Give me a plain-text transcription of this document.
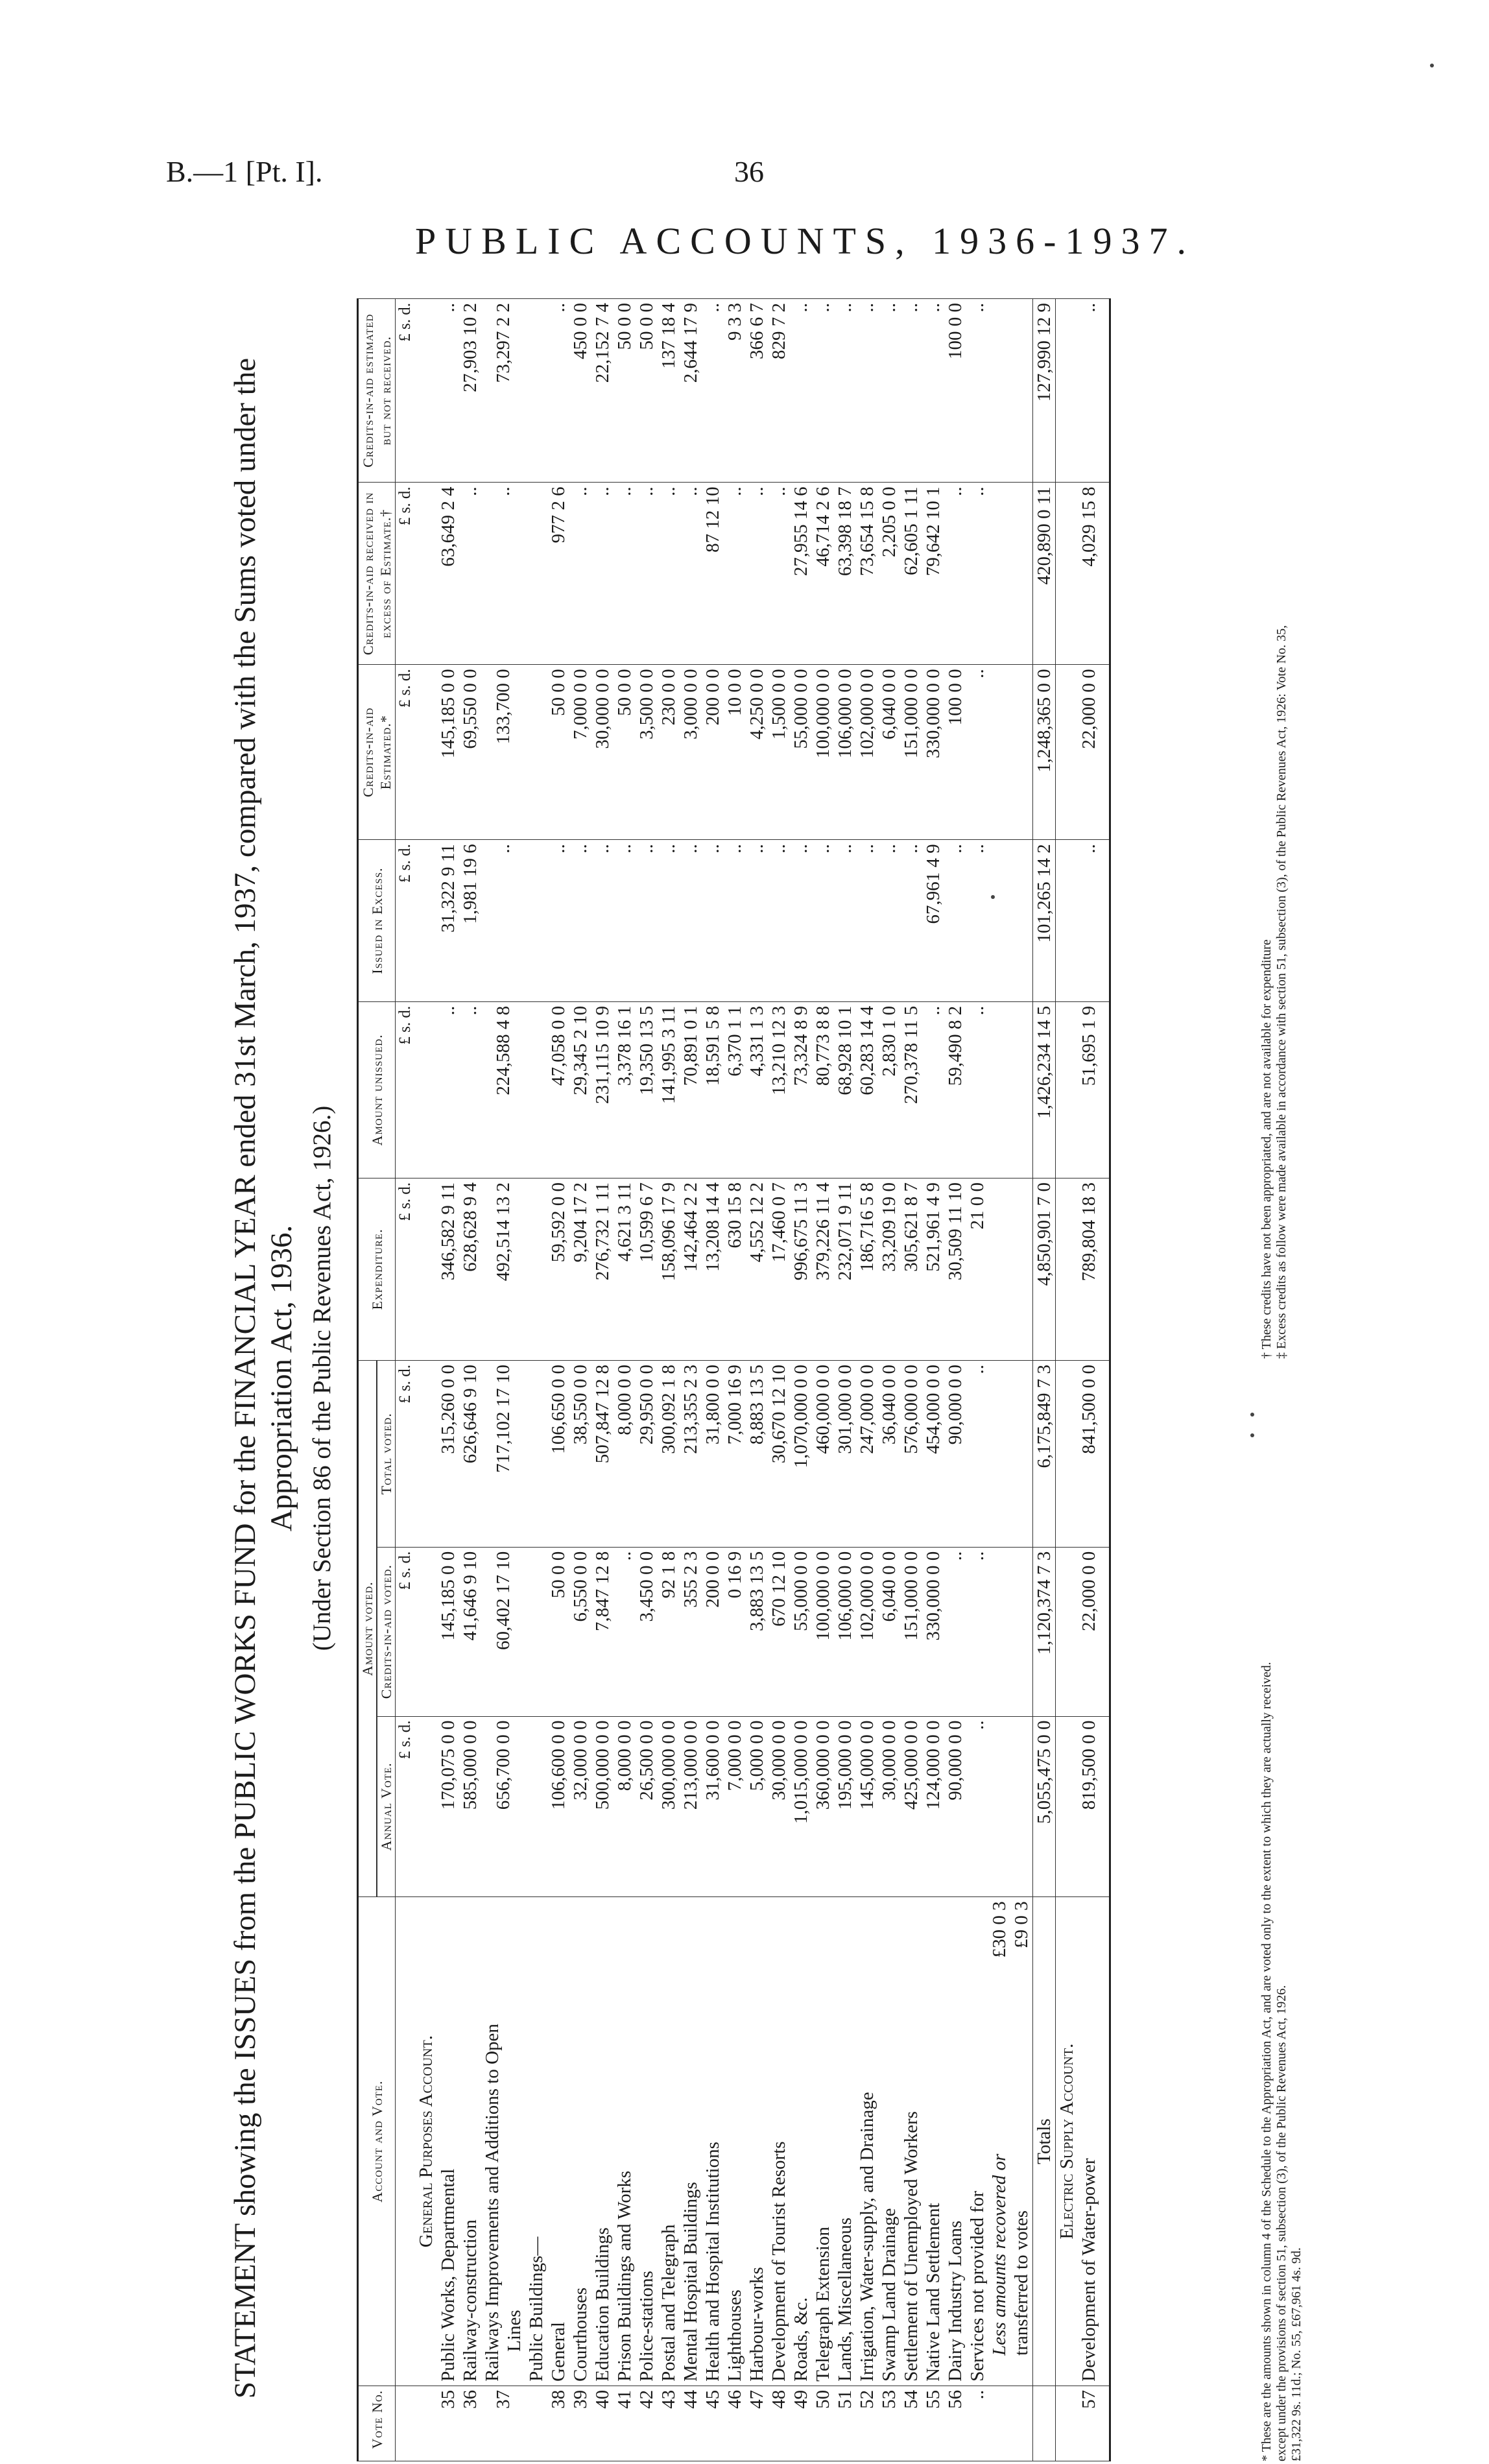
B.—1 [Pt. I].	36
PUBLIC ACCOUNTS, 1936-1937.
STATEMENT showing the ISSUES from the PUBLIC WORKS FUND for the FINANCIAL YEAR ended 31st March, 1937, compared with the Sums voted under the Appropriation Act, 1936. (Under Section 86 of the Public Revenues Act, 1926.)
Vote No.	Account and Vote.	Amount voted.			Expenditure.	Amount unissued.	Issued in Excess.	Credits-in-aid Estimated.*	Credits-in-aid received in excess of Estimate.†	Credits-in-aid estimated but not received.
		Annual Vote.	Credits-in-aid voted.	Total voted.						
		£ s. d.	£ s. d.	£ s. d.	£ s. d.	£ s. d.	£ s. d.	£ s. d.	£ s. d.	£ s. d.
	General Purposes Account.									
35	Public Works, Departmental	170,075 0 0	145,185 0 0	315,260 0 0	346,582 9 11	..	31,322 9 11	145,185 0 0	63,649 2 4	..
36	Railway-construction	585,000 0 0	41,646 9 10	626,646 9 10	628,628 9 4	..	1,981 19 6	69,550 0 0	..	27,903 10 2
37	Railways Improvements and Additions to Open
Lines	656,700 0 0	60,402 17 10	717,102 17 10	492,514 13 2	224,588 4 8	..	133,700 0	..	73,297 2 2
	Public Buildings—									
38	General	106,600 0 0	50 0 0	106,650 0 0	59,592 0 0	47,058 0 0	..	50 0 0	977 2 6	..
39	Courthouses	32,000 0 0	6,550 0 0	38,550 0 0	9,204 17 2	29,345 2 10	..	7,000 0 0	..	450 0 0
40	Education Buildings	500,000 0 0	7,847 12 8	507,847 12 8	276,732 1 11	231,115 10 9	..	30,000 0 0	..	22,152 7 4
41	Prison Buildings and Works	8,000 0 0	..	8,000 0 0	4,621 3 11	3,378 16 1	..	50 0 0	..	50 0 0
42	Police-stations	26,500 0 0	3,450 0 0	29,950 0 0	10,599 6 7	19,350 13 5	..	3,500 0 0	..	50 0 0
43	Postal and Telegraph	300,000 0 0	92 1 8	300,092 1 8	158,096 17 9	141,995 3 11	..	230 0 0	..	137 18 4
44	Mental Hospital Buildings	213,000 0 0	355 2 3	213,355 2 3	142,464 2 2	70,891 0 1	..	3,000 0 0	..	2,644 17 9
45	Health and Hospital Institutions	31,600 0 0	200 0 0	31,800 0 0	13,208 14 4	18,591 5 8	..	200 0 0	87 12 10	..
46	Lighthouses	7,000 0 0	0 16 9	7,000 16 9	630 15 8	6,370 1 1	..	10 0 0	..	9 3 3
47	Harbour-works	5,000 0 0	3,883 13 5	8,883 13 5	4,552 12 2	4,331 1 3	..	4,250 0 0	..	366 6 7
48	Development of Tourist Resorts	30,000 0 0	670 12 10	30,670 12 10	17,460 0 7	13,210 12 3	..	1,500 0 0	..	829 7 2
49	Roads, &c.	1,015,000 0 0	55,000 0 0	1,070,000 0 0	996,675 11 3	73,324 8 9	..	55,000 0 0	27,955 14 6	..
50	Telegraph Extension	360,000 0 0	100,000 0 0	460,000 0 0	379,226 11 4	80,773 8 8	..	100,000 0 0	46,714 2 6	..
51	Lands, Miscellaneous	195,000 0 0	106,000 0 0	301,000 0 0	232,071 9 11	68,928 10 1	..	106,000 0 0	63,398 18 7	..
52	Irrigation, Water-supply, and Drainage	145,000 0 0	102,000 0 0	247,000 0 0	186,716 5 8	60,283 14 4	..	102,000 0 0	73,654 15 8	..
53	Swamp Land Drainage	30,000 0 0	6,040 0 0	36,040 0 0	33,209 19 0	2,830 1 0	..	6,040 0 0	2,205 0 0	..
54	Settlement of Unemployed Workers	425,000 0 0	151,000 0 0	576,000 0 0	305,621 8 7	270,378 11 5	..	151,000 0 0	62,605 1 11	..
55	Native Land Settlement	124,000 0 0	330,000 0 0	454,000 0 0	521,961 4 9	..	67,961 4 9	330,000 0 0	79,642 10 1	..
56	Dairy Industry Loans	90,000 0 0	..	90,000 0 0	30,509 11 10	59,490 8 2	..	100 0 0	..	100 0 0
..	Services not provided for	..	..	..	21 0 0	..	..	..	..	..
	Less amounts recovered or
£30 0 3									

	transferred to votes
£9 0 3									

	Totals	5,055,475 0 0	1,120,374 7 3	6,175,849 7 3	4,850,901 7 0	1,426,234 14 5	101,265 14 2	1,248,365 0 0	420,890 0 11	127,990 12 9
	Electric Supply Account.									
57	Development of Water-power	819,500 0 0	22,000 0 0	841,500 0 0	789,804 18 3	51,695 1 9	..	22,000 0 0	4,029 15 8	..

* These are the amounts shown in column 4 of the Schedule to the Appropriation Act, and are voted only to the extent to which they are actually received. except under the provisions of section 51, subsection (3), of the Public Revenues Act, 1926. £31,322 9s. 11d.; No. 55, £67,961 4s. 9d.
† These credits have not been appropriated, and are not available for expenditure ‡ Excess credits as follow were made available in accordance with section 51, subsection (3), of the Public Revenues Act, 1926: Vote No. 35,
